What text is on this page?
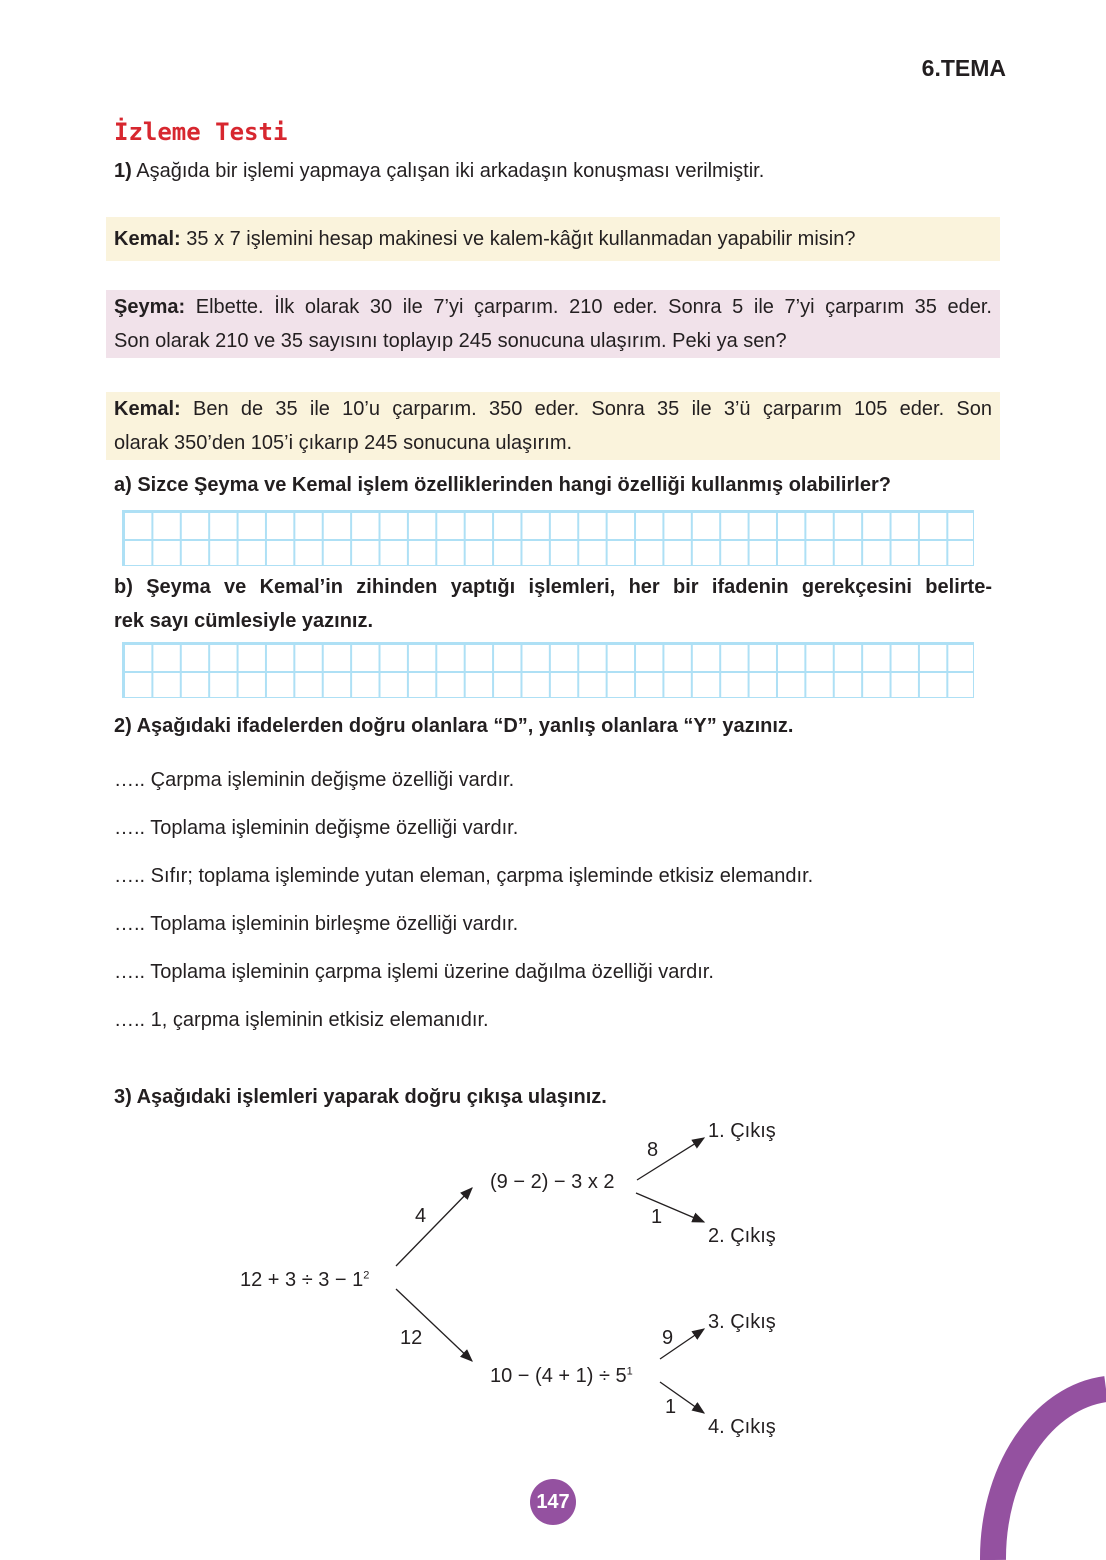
6.TEMA
İzleme Testi
1) Aşağıda bir işlemi yapmaya çalışan iki arkadaşın konuşması verilmiştir.
Kemal: 35 x 7 işlemini hesap makinesi ve kalem-kâğıt kullanmadan yapabilir misin?
Şeyma: Elbette. İlk olarak 30 ile 7’yi çarparım. 210 eder. Sonra 5 ile 7’yi çarparım 35 eder.
Son olarak 210 ve 35 sayısını toplayıp 245 sonucuna ulaşırım. Peki ya sen?
Kemal: Ben de 35 ile 10’u çarparım. 350 eder. Sonra 35 ile 3’ü çarparım 105 eder. Son
olarak 350’den 105’i çıkarıp 245 sonucuna ulaşırım.
a) Sizce Şeyma ve Kemal işlem özelliklerinden hangi özelliği kullanmış olabilirler?
b) Şeyma ve Kemal’in zihinden yaptığı işlemleri, her bir ifadenin gerekçesini belirte-
rek sayı cümlesiyle yazınız.
2) Aşağıdaki ifadelerden doğru olanlara “D”, yanlış olanlara “Y” yazınız.
….. Çarpma işleminin değişme özelliği vardır.
….. Toplama işleminin değişme özelliği vardır.
….. Sıfır; toplama işleminde yutan eleman, çarpma işleminde etkisiz elemandır.
….. Toplama işleminin birleşme özelliği vardır.
….. Toplama işleminin çarpma işlemi üzerine dağılma özelliği vardır.
….. 1, çarpma işleminin etkisiz elemanıdır.
3) Aşağıdaki işlemleri yaparak doğru çıkışa ulaşınız.
$12 + 3 \div 3 - 1^2$
(9 − 2) − 3 x 2
$10 - (4 + 1) \div 5^1$
4
12
8
1
9
1
1. Çıkış
2. Çıkış
3. Çıkış
4. Çıkış
147
